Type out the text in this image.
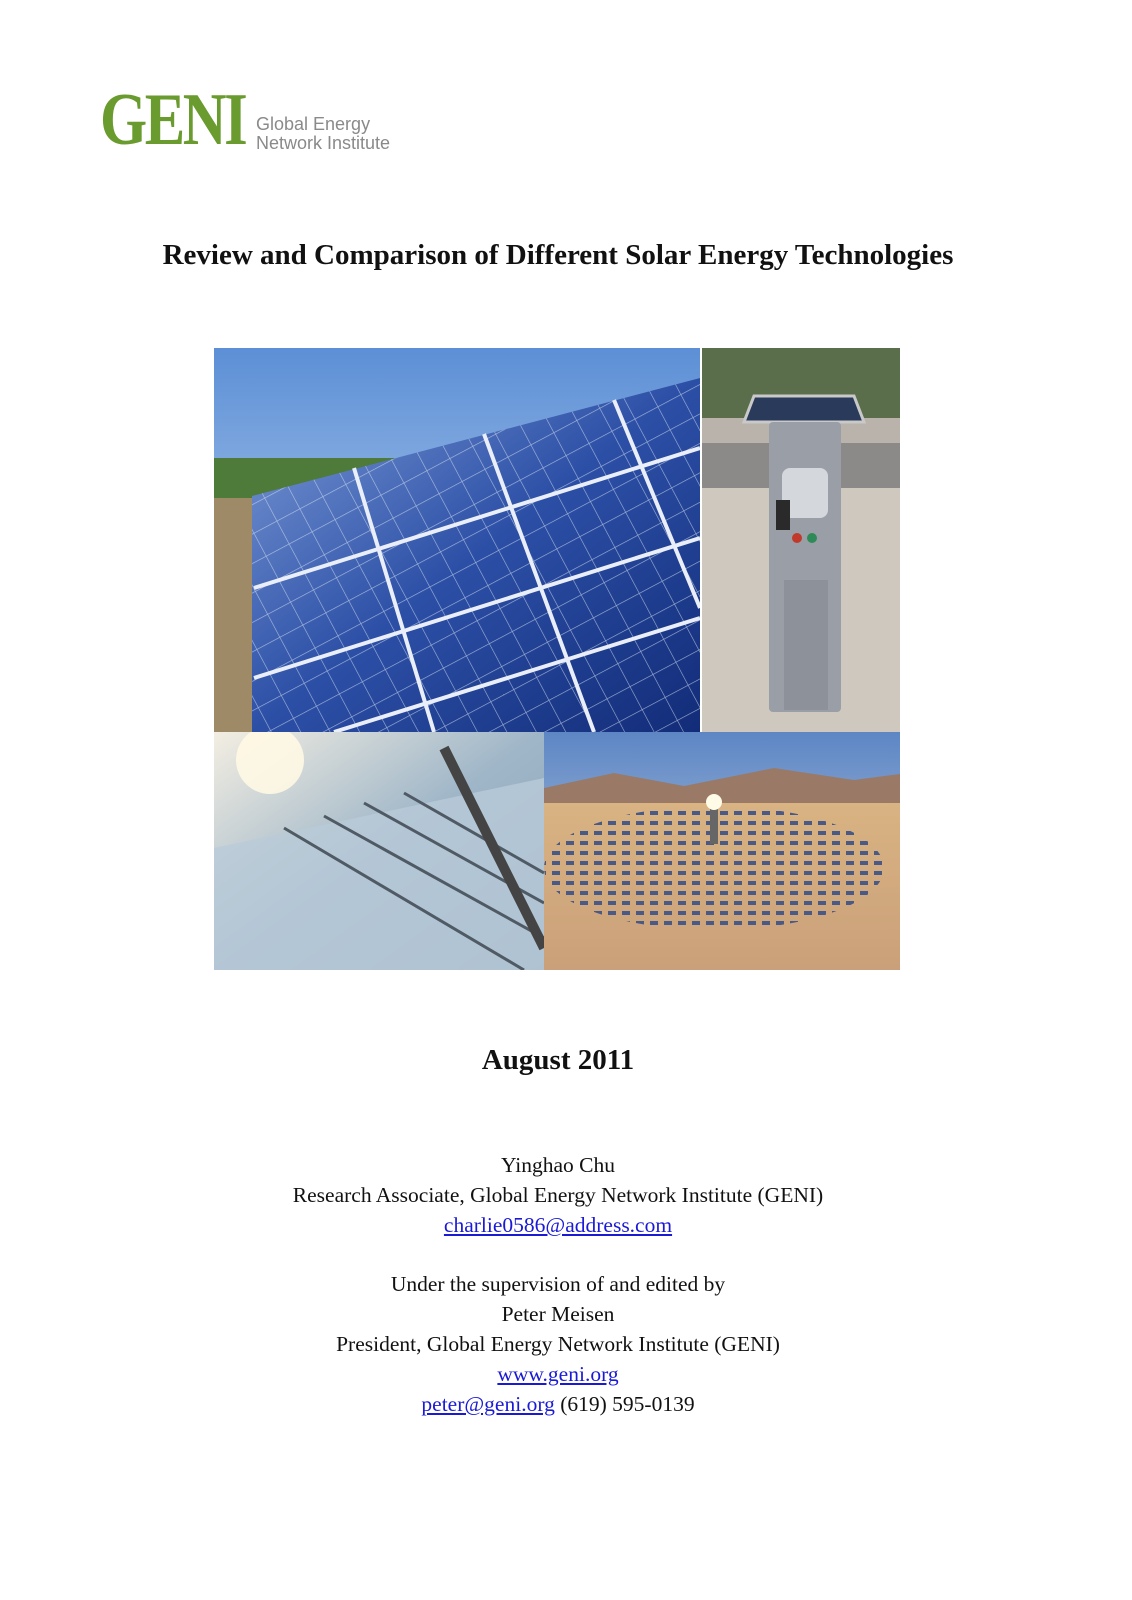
GENI Global Energy
Network Institute
Review and Comparison of Different Solar Energy Technologies
August 2011
Yinghao Chu
Research Associate, Global Energy Network Institute (GENI)
charlie0586@address.com
Under the supervision of and edited by
Peter Meisen
President, Global Energy Network Institute (GENI)
www.geni.org
peter@geni.org (619) 595-0139
